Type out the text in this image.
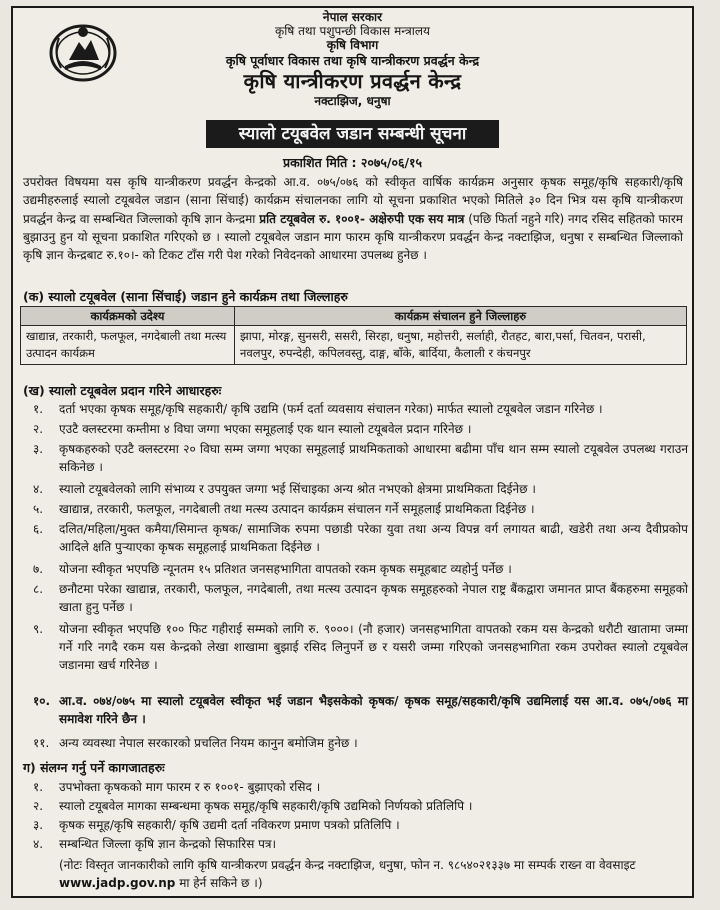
नेपाल सरकार
कृषि तथा पशुपन्छी विकास मन्त्रालय
कृषि विभाग
कृषि पूर्वाधार विकास तथा कृषि यान्त्रीकरण प्रवर्द्धन केन्द्र
कृषि यान्त्रीकरण प्रवर्द्धन केन्द्र
नक्टाझिज, धनुषा
स्यालो टयूबवेल जडान सम्बन्धी सूचना
प्रकाशित मिति : २०७५/०६/१५
उपरोक्त विषयमा यस कृषि यान्त्रीकरण प्रवर्द्धन केन्द्रको आ.व. ०७५/०७६ को स्वीकृत वार्षिक कार्यक्रम अनुसार कृषक समूह/कृषि सहकारी/कृषि उद्यमीहरुलाई स्यालो टयूबवेल जडान (साना सिंचाई) कार्यक्रम संचालनका लागि यो सूचना प्रकाशित भएको मितिले ३० दिन भित्र यस कृषि यान्त्रीकरण प्रवर्द्धन केन्द्र वा सम्बन्धित जिल्लाको कृषि ज्ञान केन्द्रमा प्रति टयूबवेल रु. १००१- अक्षेरुपी एक सय मात्र (पछि फिर्ता नहुने गरि) नगद रसिद सहितको फारम बुझाउनु हुन यो सूचना प्रकाशित गरिएको छ । स्यालो टयूबवेल जडान माग फारम कृषि यान्त्रीकरण प्रवर्द्धन केन्द्र नक्टाझिज, धनुषा र सम्बन्धित जिल्लाको कृषि ज्ञान केन्द्रबाट रु.१०।- को टिकट टाँस गरी पेश गरेको निवेदनको आधारमा उपलब्ध हुनेछ ।
(क) स्यालो टयूबवेल (साना सिंचाई) जडान हुने कार्यक्रम तथा जिल्लाहरु
कार्यक्रमको उदेश्य	कार्यक्रम संचालन हुने जिल्लाहरु
खाद्यान्न, तरकारी, फलफूल, नगदेबाली तथा मत्स्य उत्पादन कार्यक्रम	झापा, मोरङ्ग, सुनसरी, ससरी, सिरहा, धनुषा, महोत्तरी, सर्लाही, रौतहट, बारा,पर्सा, चितवन, परासी, नवलपुर, रुपन्देही, कपिलवस्तु, दाङ्ग, बाँके, बार्दिया, कैलाली र कंचनपुर
(ख) स्यालो टयूबवेल प्रदान गरिने आधारहरुः
१.	दर्ता भएका कृषक समूह/कृषि सहकारी/ कृषि उद्यमि (फर्म दर्ता व्यवसाय संचालन गरेका) मार्फत स्यालो टयूबवेल जडान गरिनेछ ।
२.	एउटै क्लस्टरमा कम्तीमा ४ विघा जग्गा भएका समूहलाई एक थान स्यालो टयूबवेल प्रदान गरिनेछ ।
३.	कृषकहरुको एउटै क्लस्टरमा २० विघा सम्म जग्गा भएका समूहलाई प्राथमिकताको आधारमा बढीमा पाँच थान सम्म स्यालो टयूबवेल उपलब्ध गराउन सकिनेछ ।
४.	स्यालो टयूबवेलको लागि संभाव्य र उपयुक्त जग्गा भई सिंचाइका अन्य श्रोत नभएको क्षेत्रमा प्राथमिकता दिईनेछ ।
५.	खाद्यान्न, तरकारी, फलफूल, नगदेबाली तथा मत्स्य उत्पादन कार्यक्रम संचालन गर्ने समूहलाई प्राथमिकता दिईनेछ ।
६.	दलित/महिला/मुक्त कमैया/सिमान्त कृषक/ सामाजिक रुपमा पछाडी परेका युवा तथा अन्य विपन्न वर्ग लगायत बाढी, खडेरी तथा अन्य दैवीप्रकोप आदिले क्षति पुऱ्याएका कृषक समूहलाई प्राथमिकता दिईनेछ ।
७.	योजना स्वीकृत भएपछि न्यूनतम १५ प्रतिशत जनसहभागिता वापतको रकम कृषक समूहबाट व्यहोर्नु पर्नेछ ।
८.	छनौटमा परेका खाद्यान्न, तरकारी, फलफूल, नगदेबाली, तथा मत्स्य उत्पादन कृषक समूहहरुको नेपाल राष्ट्र बैंकद्वारा जमानत प्राप्त बैंकहरुमा समूहको खाता हुनु पर्नेछ ।
९.	योजना स्वीकृत भएपछि १०० फिट गहीराई सम्मको लागि रु. ९०००। (नौ हजार) जनसहभागिता वापतको रकम यस केन्द्रको धरौटी खातामा जम्मा गर्ने गरि नगदै रकम यस केन्द्रको लेखा शाखामा बुझाई रसिद लिनुपर्ने छ र यसरी जम्मा गरिएको जनसहभागिता रकम उपरोक्त स्यालो टयूबवेल जडानमा खर्च गरिनेछ ।
१०. आ.व. ०७४/०७५ मा स्यालो टयूबवेल स्वीकृत भई जडान भैइसकेको कृषक/ कृषक समूह/सहकारी/कृषि उद्यमिलाई यस आ.व. ०७५/०७६ मा समावेश गरिने छैन ।
११. अन्य व्यवस्था नेपाल सरकारको प्रचलित नियम कानुन बमोजिम हुनेछ ।
ग) संलग्न गर्नु पर्ने कागजातहरुः
१.	उपभोक्ता कृषकको माग फारम र रु १००१- बुझाएको रसिद ।
२.	स्यालो टयूबवेल मागका सम्बन्धमा कृषक समूह/कृषि सहकारी/कृषि उद्यमिको निर्णयको प्रतिलिपि ।
३.	कृषक समूह/कृषि सहकारी/ कृषि उद्यमी दर्ता नविकरण प्रमाण पत्रको प्रतिलिपि ।
४.	सम्बन्धित जिल्ला कृषि ज्ञान केन्द्रको सिफारिस पत्र।
(नोटः विस्तृत जानकारीको लागि कृषि यान्त्रीकरण प्रवर्द्धन केन्द्र नक्टाझिज, धनुषा, फोन न. ९८५४०२१३३७ मा सम्पर्क राख्न वा वेवसाइट www.jadp.gov.np मा हेर्न सकिने छ ।)
